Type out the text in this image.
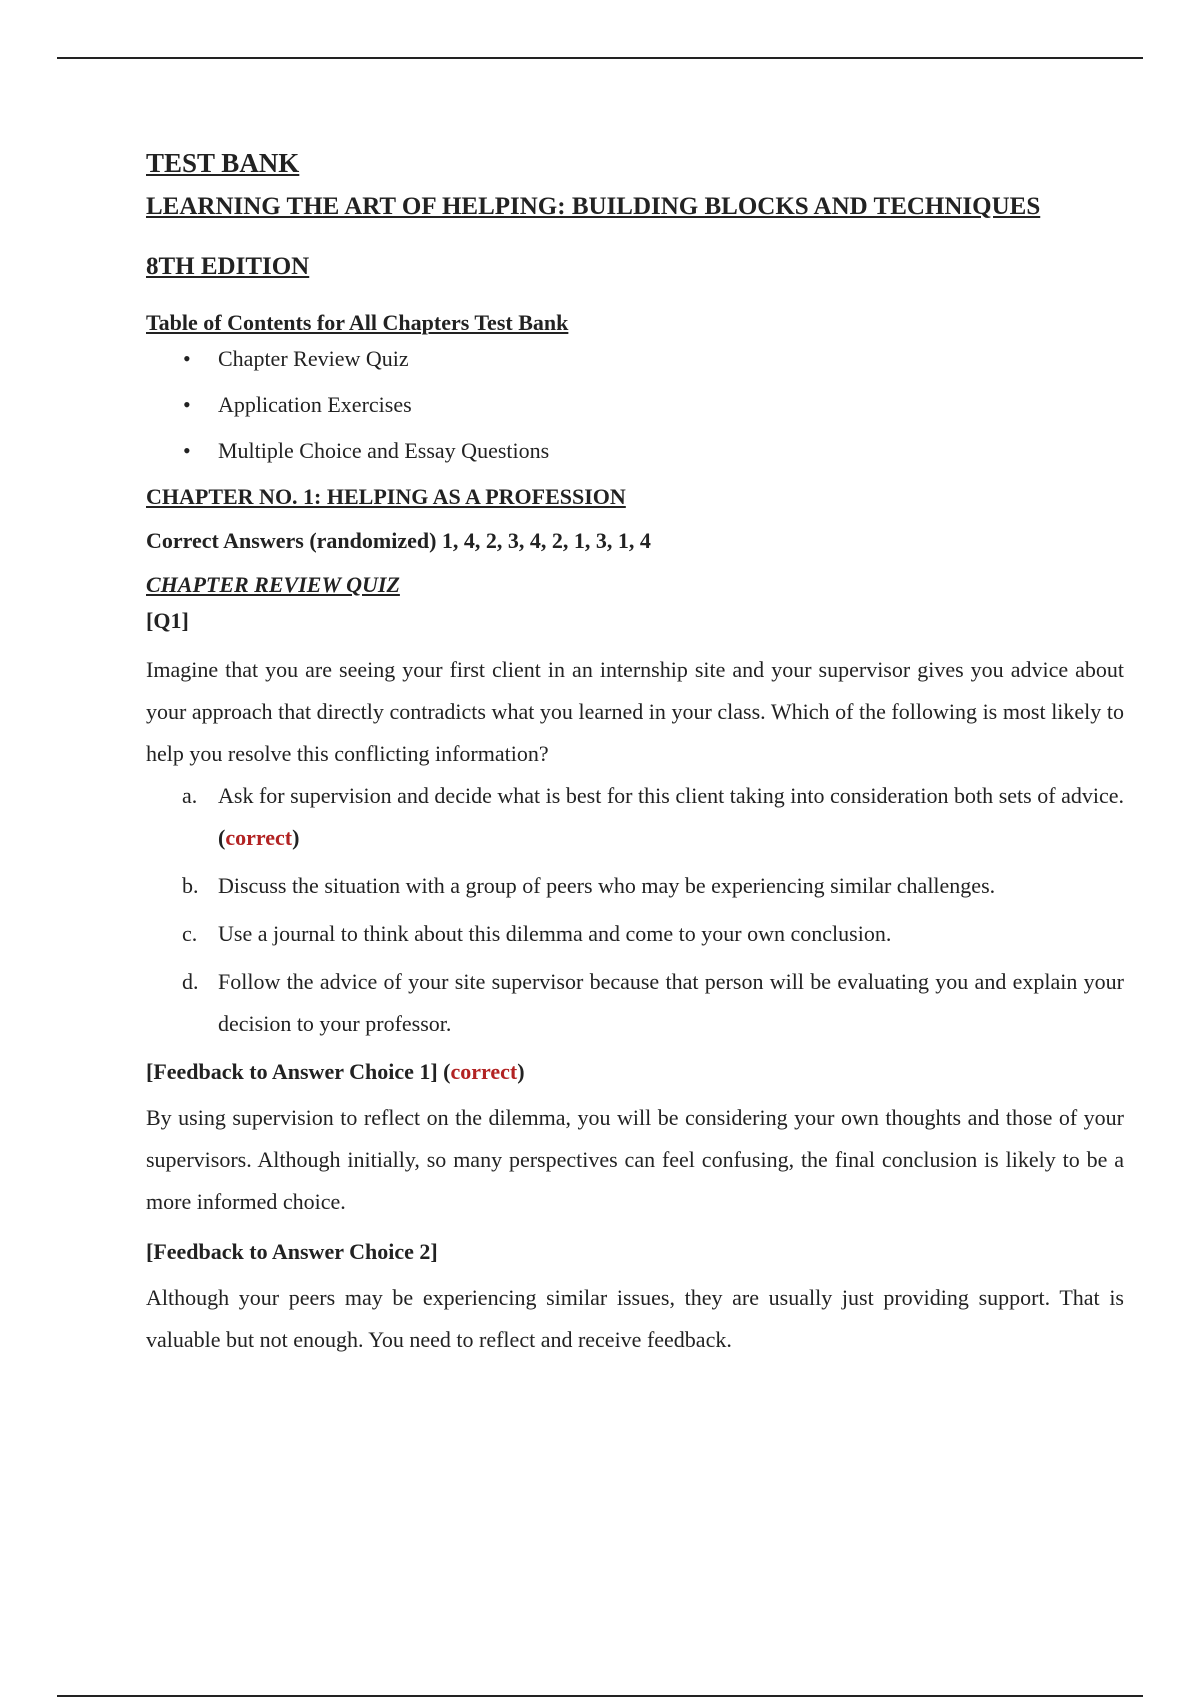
TEST BANK
LEARNING THE ART OF HELPING: BUILDING BLOCKS AND TECHNIQUES
8TH EDITION
Table of Contents for All Chapters Test Bank
• Chapter Review Quiz
• Application Exercises
• Multiple Choice and Essay Questions
CHAPTER NO. 1: HELPING AS A PROFESSION
Correct Answers (randomized) 1, 4, 2, 3, 4, 2, 1, 3, 1, 4
CHAPTER REVIEW QUIZ
[Q1]

Imagine that you are seeing your first client in an internship site and your supervisor gives you advice about your approach that directly contradicts what you learned in your class. Which of the following is most likely to help you resolve this conflicting information?

a. Ask for supervision and decide what is best for this client taking into consideration both sets of advice. (correct)
b. Discuss the situation with a group of peers who may be experiencing similar challenges.
c. Use a journal to think about this dilemma and come to your own conclusion.
d. Follow the advice of your site supervisor because that person will be evaluating you and explain your decision to your professor.
[Feedback to Answer Choice 1] (correct)

By using supervision to reflect on the dilemma, you will be considering your own thoughts and those of your supervisors. Although initially, so many perspectives can feel confusing, the final conclusion is likely to be a more informed choice.

[Feedback to Answer Choice 2]

Although your peers may be experiencing similar issues, they are usually just providing support. That is valuable but not enough. You need to reflect and receive feedback.
